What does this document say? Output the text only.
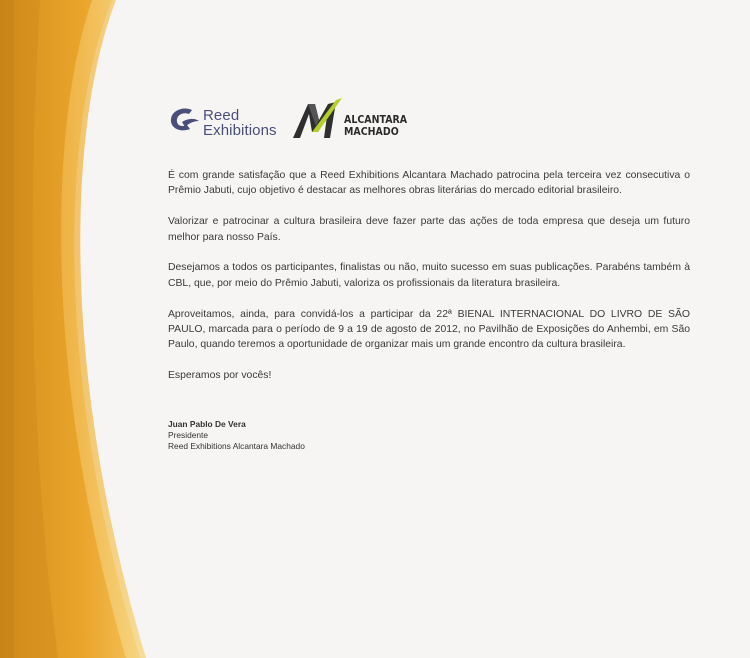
Reed
Exhibitions
ALCANTARA
MACHADO

É com grande satisfação que a Reed Exhibitions Alcantara Machado patrocina pela terceira vez consecutiva o Prêmio Jabuti, cujo objetivo é destacar as melhores obras literárias do mercado editorial brasileiro.

Valorizar e patrocinar a cultura brasileira deve fazer parte das ações de toda empresa que deseja um futuro melhor para nosso País.

Desejamos a todos os participantes, finalistas ou não, muito sucesso em suas publicações. Parabéns também à CBL, que, por meio do Prêmio Jabuti, valoriza os profissionais da literatura brasileira.

Aproveitamos, ainda, para convidá-los a participar da 22ª BIENAL INTERNACIONAL DO LIVRO DE SÃO PAULO, marcada para o período de 9 a 19 de agosto de 2012, no Pavilhão de Exposições do Anhembi, em São Paulo, quando teremos a oportunidade de organizar mais um grande encontro da cultura brasileira.

Esperamos por vocês!

Juan Pablo De Vera
Presidente
Reed Exhibitions Alcantara Machado
